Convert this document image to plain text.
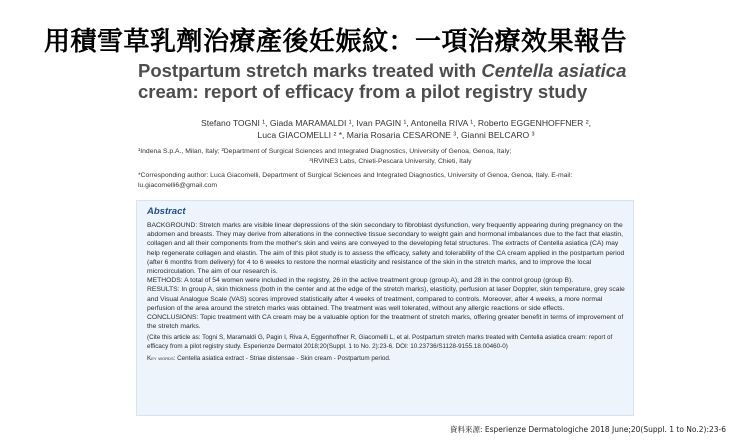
用積雪草乳劑治療產後妊娠紋：一項治療效果報告
Postpartum stretch marks treated with Centella asiatica cream: report of efficacy from a pilot registry study
Stefano TOGNI ¹, Giada MARAMALDI ¹, Ivan PAGIN ¹, Antonella RIVA ¹, Roberto EGGENHOFFNER ²,
Luca GIACOMELLI ² *, Maria Rosaria CESARONE ³, Gianni BELCARO ³
¹Indena S.p.A., Milan, Italy; ²Department of Surgical Sciences and Integrated Diagnostics, University of Genoa, Genoa, Italy;
³IRVINE3 Labs, Chieti-Pescara University, Chieti, Italy
*Corresponding author: Luca Giacomelli, Department of Surgical Sciences and Integrated Diagnostics, University of Genoa, Genoa, Italy. E-mail:
lu.giacomelli6@gmail.com
Abstract

BACKGROUND: Stretch marks are visible linear depressions of the skin secondary to fibroblast dysfunction, very frequently appearing during pregnancy on the abdomen and breasts. They may derive from alterations in the connective tissue secondary to weight gain and hormonal imbalances due to the fact that elastin, collagen and all their components from the mother's skin and veins are conveyed to the developing fetal structures. The extracts of Centella asiatica (CA) may help regenerate collagen and elastin. The aim of this pilot study is to assess the efficacy, safety and tolerability of the CA cream applied in the postpartum period (after 6 months from delivery) for 4 to 6 weeks to restore the normal elasticity and resistance of the skin in the stretch marks, and to improve the local microcirculation. The aim of our research is.

METHODS: A total of 54 women were included in the registry, 26 in the active treatment group (group A), and 28 in the control group (group B).

RESULTS: In group A, skin thickness (both in the center and at the edge of the stretch marks), elasticity, perfusion at laser Doppler, skin temperature, grey scale and Visual Analogue Scale (VAS) scores improved statistically after 4 weeks of treatment, compared to controls. Moreover, after 4 weeks, a more normal perfusion of the area around the stretch marks was obtained. The treatment was well tolerated, without any allergic reactions or side effects.

CONCLUSIONS: Topic treatment with CA cream may be a valuable option for the treatment of stretch marks, offering greater benefit in terms of improvement of the stretch marks.

(Cite this article as: Togni S, Maramaldi G, Pagin I, Riva A, Eggenhoffner R, Giacomelli L, et al. Postpartum stretch marks treated with Centella asiatica cream: report of efficacy from a pilot registry study. Esperienze Dermatol 2018;20(Suppl. 1 to No. 2):23-6. DOI: 10.23736/S1128-9155.18.00460-0)

Key words: Centella asiatica extract - Striae distensae - Skin cream - Postpartum period.

資料來源: Esperienze Dermatologiche 2018 June;20(Suppl. 1 to No.2):23-6
